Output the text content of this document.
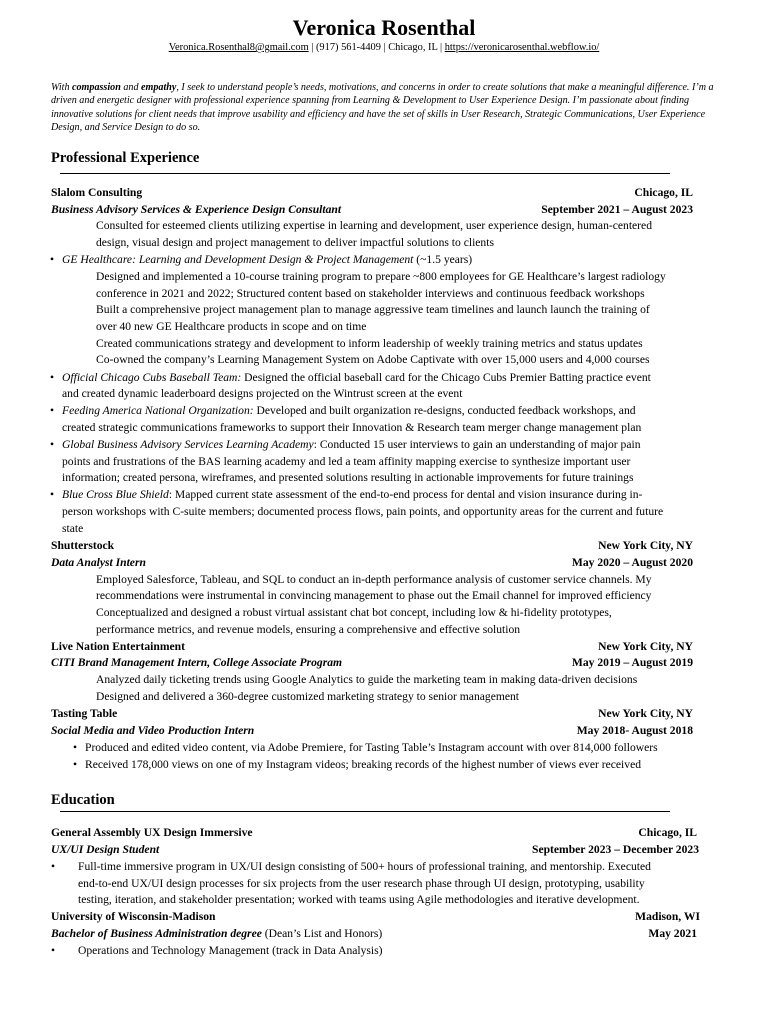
Veronica Rosenthal
Veronica.Rosenthal8@gmail.com | (917) 561-4409 | Chicago, IL | https://veronicarosenthal.webflow.io/
With compassion and empathy, I seek to understand people’s needs, motivations, and concerns in order to create solutions that make a meaningful difference. I’m a driven and energetic designer with professional experience spanning from Learning & Development to User Experience Design. I’m passionate about finding innovative solutions for client needs that improve usability and efficiency and have the set of skills in User Research, Strategic Communications, User Experience Design, and Service Design to do so.
Professional Experience
Slalom Consulting	Chicago, IL
Business Advisory Services & Experience Design Consultant	September 2021 – August 2023
Consulted for esteemed clients utilizing expertise in learning and development, user experience design, human-centered
design, visual design and project management to deliver impactful solutions to clients
• GE Healthcare: Learning and Development Design & Project Management (~1.5 years)
Designed and implemented a 10-course training program to prepare ~800 employees for GE Healthcare’s largest radiology
conference in 2021 and 2022; Structured content based on stakeholder interviews and continuous feedback workshops
Built a comprehensive project management plan to manage aggressive team timelines and launch launch the training of
over 40 new GE Healthcare products in scope and on time
Created communications strategy and development to inform leadership of weekly training metrics and status updates
Co-owned the company’s Learning Management System on Adobe Captivate with over 15,000 users and 4,000 courses
• Official Chicago Cubs Baseball Team: Designed the official baseball card for the Chicago Cubs Premier Batting practice event
and created dynamic leaderboard designs projected on the Wintrust screen at the event
• Feeding America National Organization: Developed and built organization re-designs, conducted feedback workshops, and
created strategic communications frameworks to support their Innovation & Research team merger change management plan
• Global Business Advisory Services Learning Academy: Conducted 15 user interviews to gain an understanding of major pain
points and frustrations of the BAS learning academy and led a team affinity mapping exercise to synthesize important user
information; created persona, wireframes, and presented solutions resulting in actionable improvements for future trainings
• Blue Cross Blue Shield: Mapped current state assessment of the end-to-end process for dental and vision insurance during in-
person workshops with C-suite members; documented process flows, pain points, and opportunity areas for the current and future
state
Shutterstock	New York City, NY
Data Analyst Intern	May 2020 – August 2020
Employed Salesforce, Tableau, and SQL to conduct an in-depth performance analysis of customer service channels. My
recommendations were instrumental in convincing management to phase out the Email channel for improved efficiency
Conceptualized and designed a robust virtual assistant chat bot concept, including low & hi-fidelity prototypes,
performance metrics, and revenue models, ensuring a comprehensive and effective solution
Live Nation Entertainment	New York City, NY
CITI Brand Management Intern, College Associate Program	May 2019 – August 2019
Analyzed daily ticketing trends using Google Analytics to guide the marketing team in making data-driven decisions
Designed and delivered a 360-degree customized marketing strategy to senior management
Tasting Table	New York City, NY
Social Media and Video Production Intern	May 2018- August 2018
• Produced and edited video content, via Adobe Premiere, for Tasting Table’s Instagram account with over 814,000 followers
• Received 178,000 views on one of my Instagram videos; breaking records of the highest number of views ever received
Education
General Assembly UX Design Immersive	Chicago, IL
UX/UI Design Student	September 2023 – December 2023
• Full-time immersive program in UX/UI design consisting of 500+ hours of professional training, and mentorship. Executed
end-to-end UX/UI design processes for six projects from the user research phase through UI design, prototyping, usability
testing, iteration, and stakeholder presentation; worked with teams using Agile methodologies and iterative development.
University of Wisconsin-Madison	Madison, WI
Bachelor of Business Administration degree (Dean’s List and Honors)	May 2021
• Operations and Technology Management (track in Data Analysis)
